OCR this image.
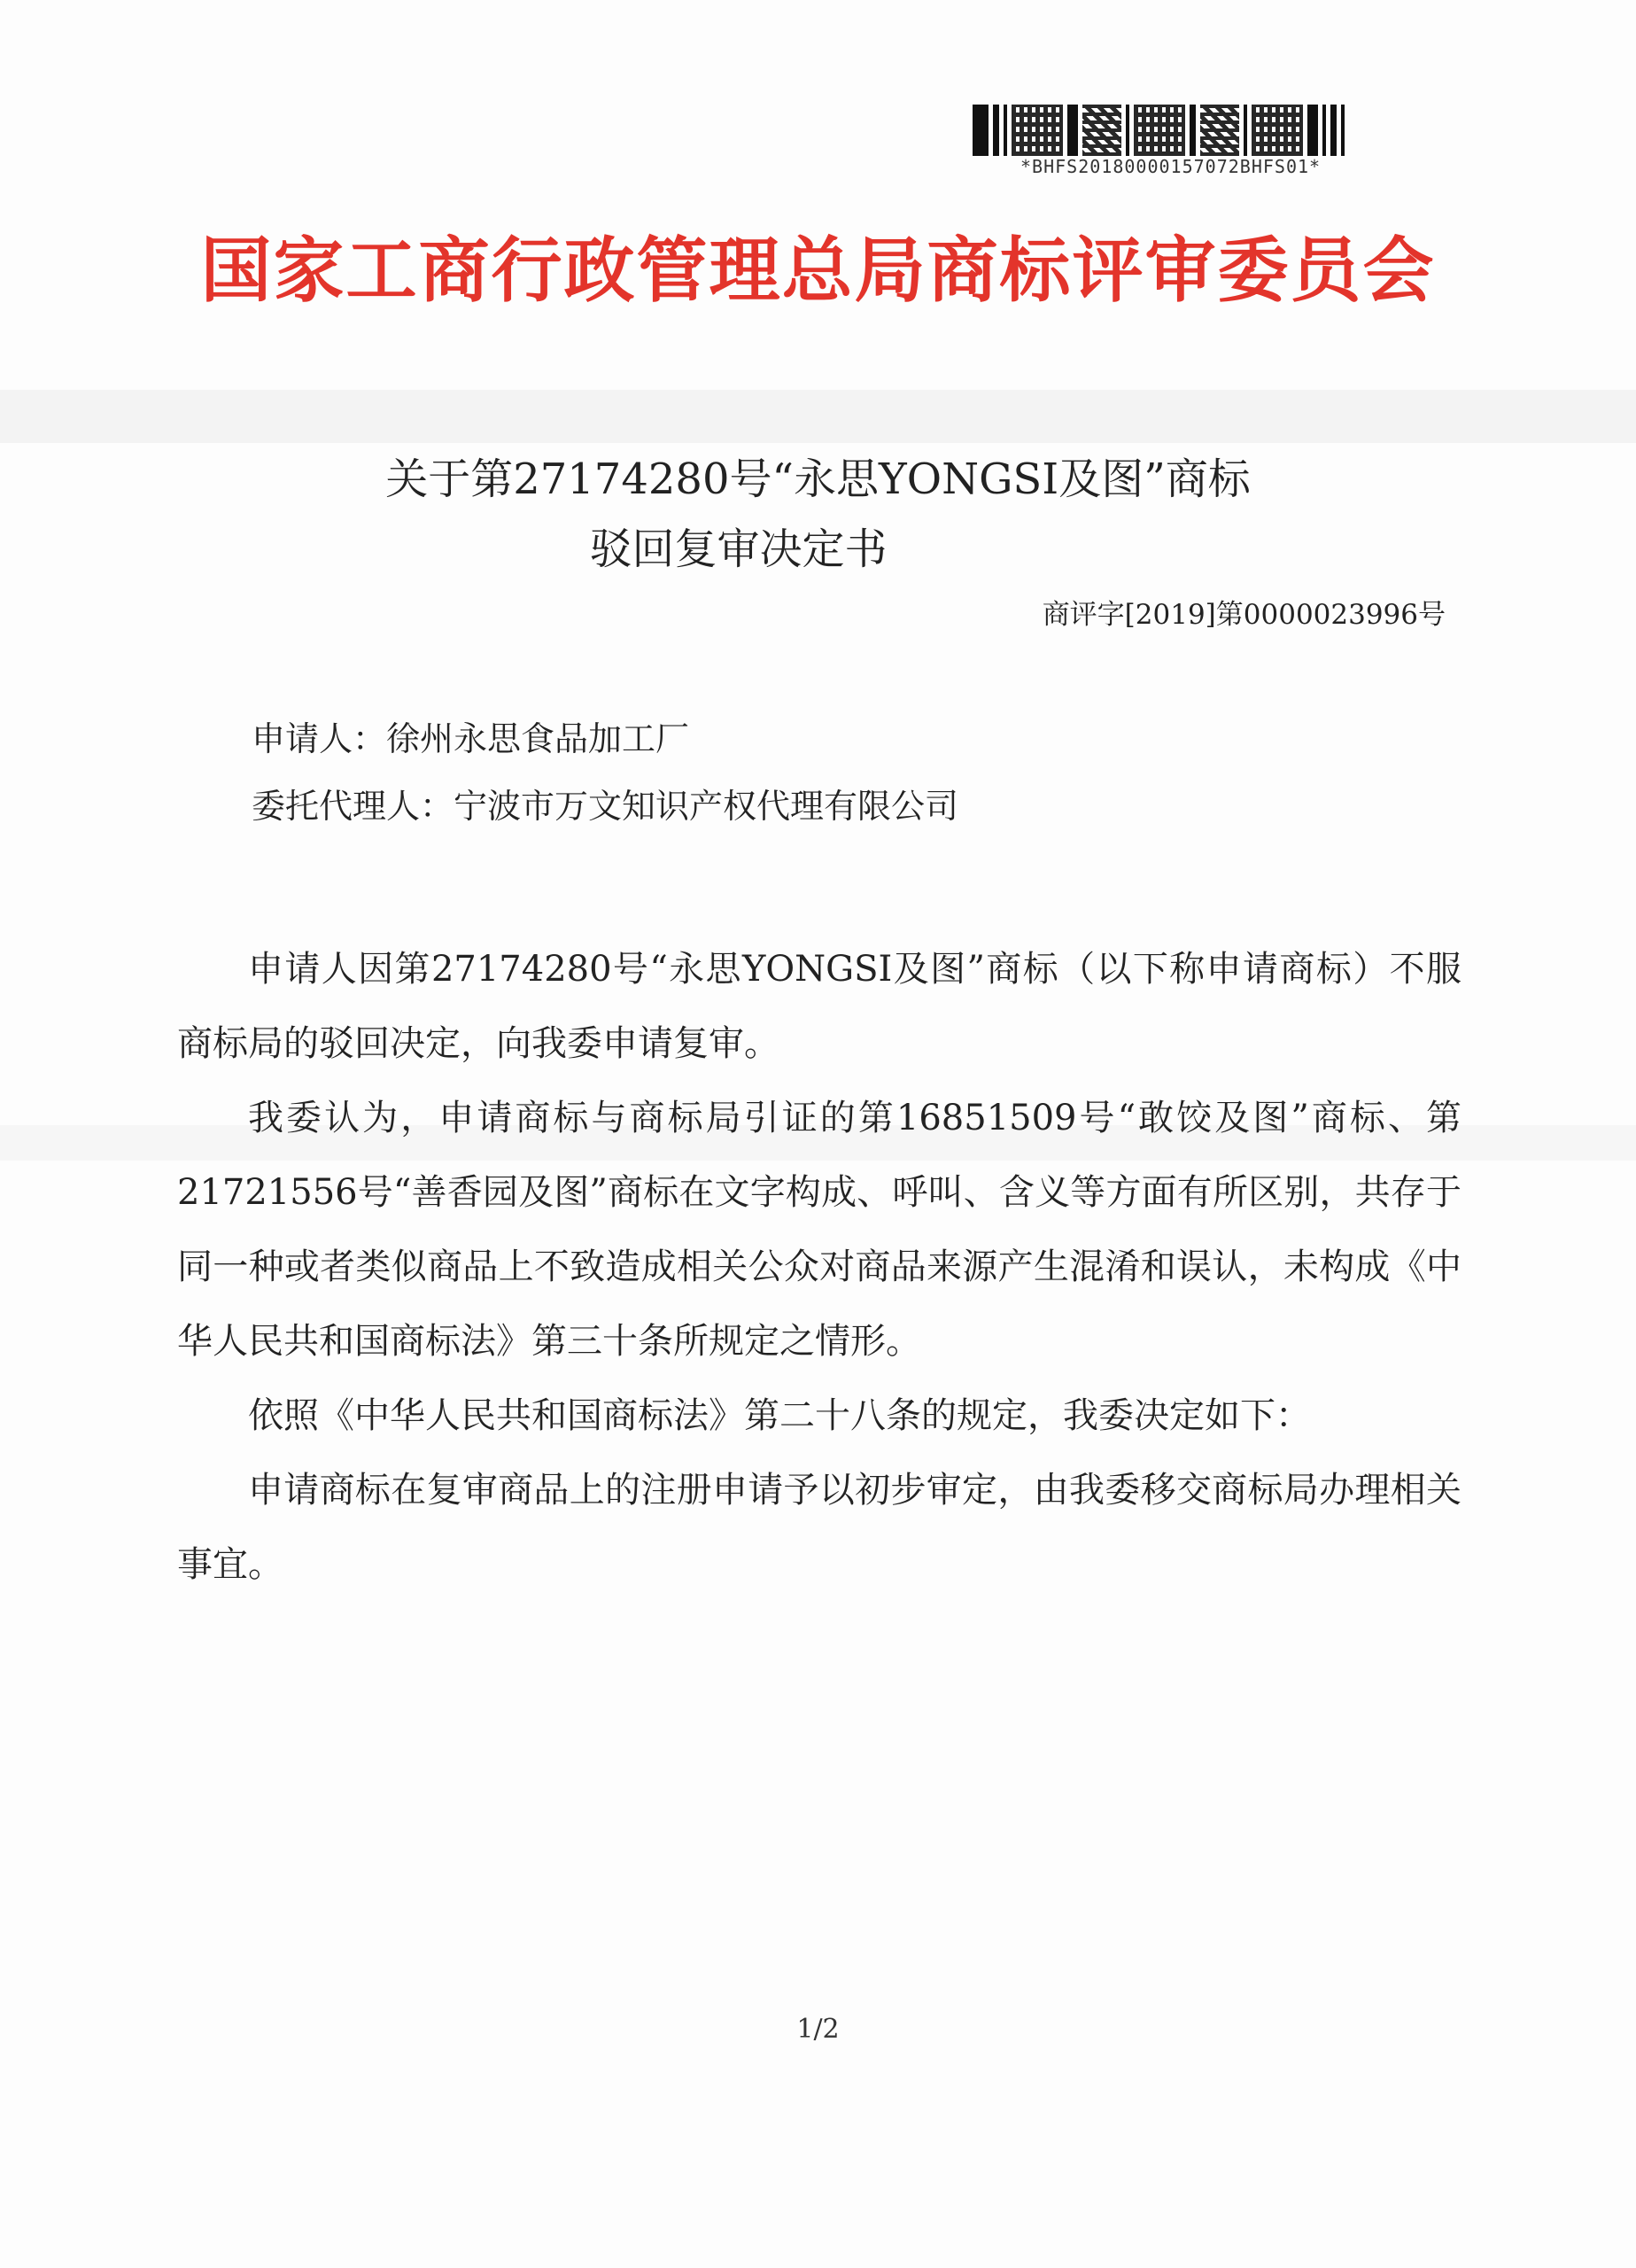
*BHFS20180000157072BHFS01*
国家工商行政管理总局商标评审委员会
关于第27174280号“永思YONGSI及图”商标
驳回复审决定书
商评字[2019]第0000023996号
申请人：徐州永思食品加工厂
委托代理人：宁波市万文知识产权代理有限公司

申请人因第27174280号“永思YONGSI及图”商标（以下称申请商标）不服商标局的驳回决定，向我委申请复审。

我委认为，申请商标与商标局引证的第16851509号“敢饺及图”商标、第21721556号“善香园及图”商标在文字构成、呼叫、含义等方面有所区别，共存于同一种或者类似商品上不致造成相关公众对商品来源产生混淆和误认，未构成《中华人民共和国商标法》第三十条所规定之情形。

依照《中华人民共和国商标法》第二十八条的规定，我委决定如下：

申请商标在复审商品上的注册申请予以初步审定，由我委移交商标局办理相关事宜。

1/2
